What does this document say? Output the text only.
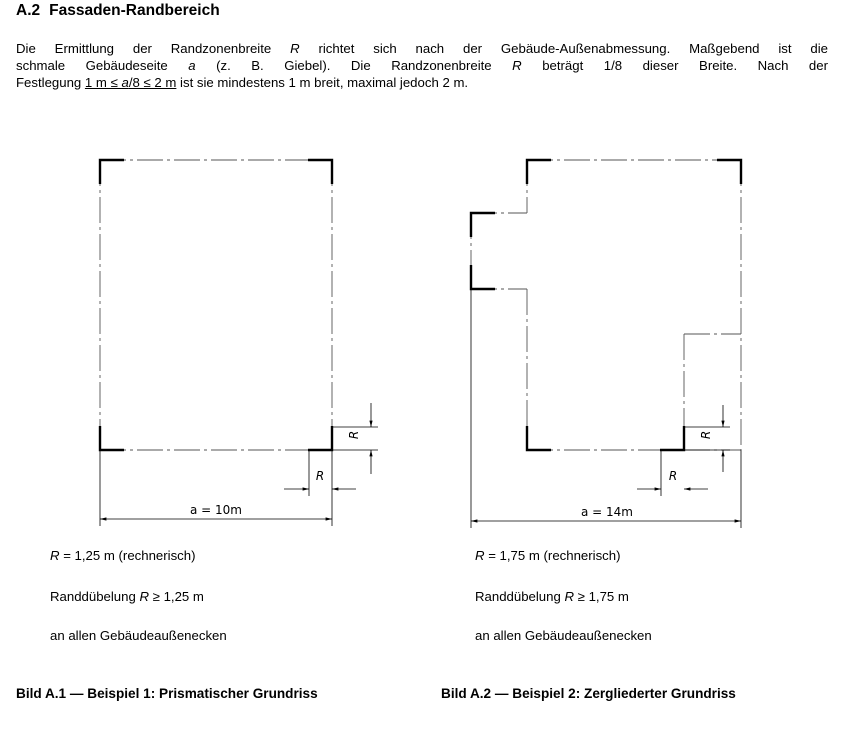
A.2 Fassaden-Randbereich

Die Ermittlung der Randzonenbreite R richtet sich nach der Gebäude-Außenabmessung. Maßgebend ist die

schmale Gebäudeseite a (z. B. Giebel). Die Randzonenbreite R beträgt 1/8 dieser Breite. Nach der

Festlegung 1 m ≤ a/8 ≤ 2 m ist sie mindestens 1 m breit, maximal jedoch 2 m.

R
R
a = 10m
R
R
a = 14m
R = 1,25 m (rechnerisch)
Randdübelung R ≥ 1,25 m
an allen Gebäudeaußenecken
Bild A.1 — Beispiel 1: Prismatischer Grundriss
R = 1,75 m (rechnerisch)
Randdübelung R ≥ 1,75 m
an allen Gebäudeaußenecken
Bild A.2 — Beispiel 2: Zergliederter Grundriss
